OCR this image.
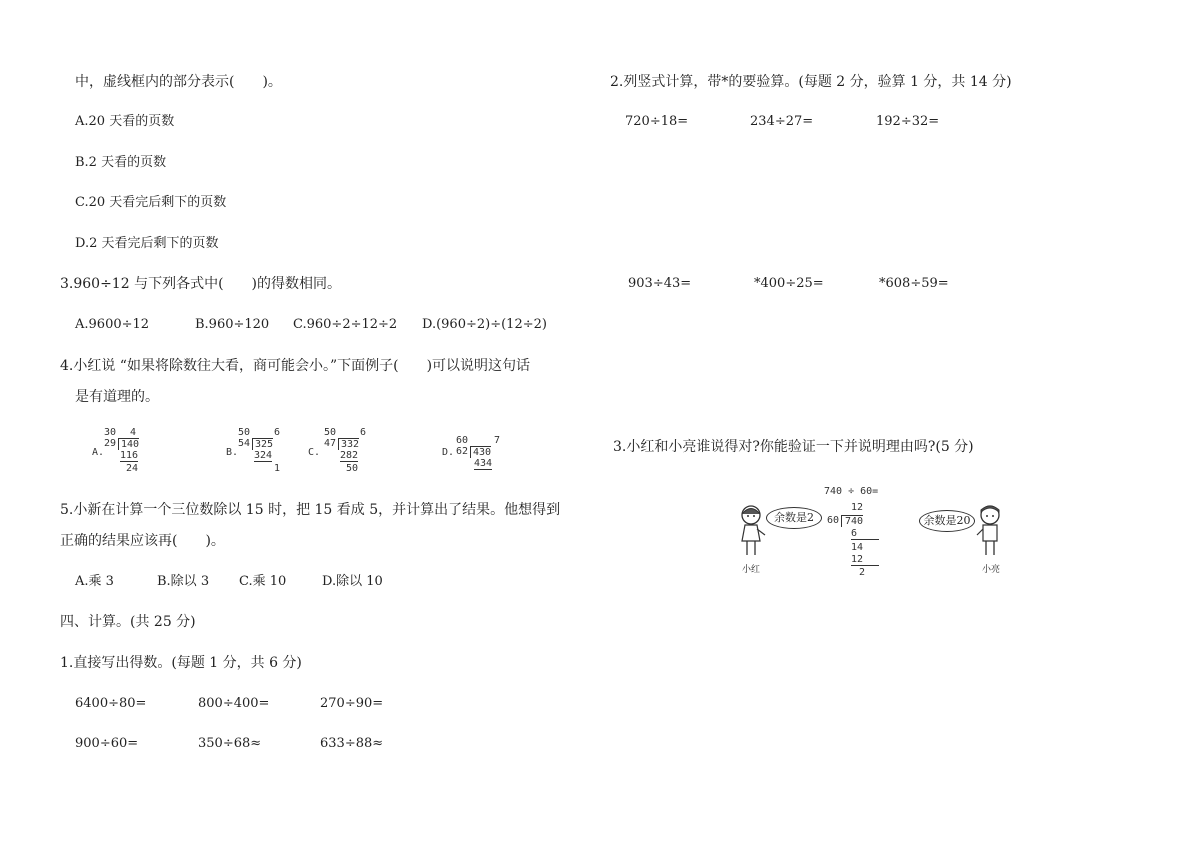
中，虚线框内的部分表示(　　)。
A.20 天看的页数
B.2 天看的页数
C.20 天看完后剩下的页数
D.2 天看完后剩下的页数
3.960÷12 与下列各式中(　　)的得数相同。
A.9600÷12	B.960÷120 C.960÷2÷12÷2 D.(960÷2)÷(12÷2)
4.小红说 “如果将除数往大看，商可能会小。”下面例子(　　)可以说明这句话
是有道理的。
A.
30 4
29 140
116
24
B.
50 6
54 325
324
1
C.
50 6
47 332
282
50
D.
60	7
62 430
434
5.小新在计算一个三位数除以 15 时，把 15 看成 5，并计算出了结果。他想得到
正确的结果应该再(　　)。
A.乘 3	B.除以 3 C.乘 10	D.除以 10
四、计算。(共 25 分)
1.直接写出得数。(每题 1 分，共 6 分)
6400÷80=	800÷400=	270÷90=
900÷60=	350÷68≈	633÷88≈
2.列竖式计算，带*的要验算。(每题 2 分，验算 1 分，共 14 分)
720÷18=	234÷27=	192÷32=
903÷43=	*400÷25=	*608÷59=
3.小红和小亮谁说得对?你能验证一下并说明理由吗?(5 分)
740 ÷ 60=
12
60 740
6
14
12
2
余数是2
小红
余数是20
小亮
